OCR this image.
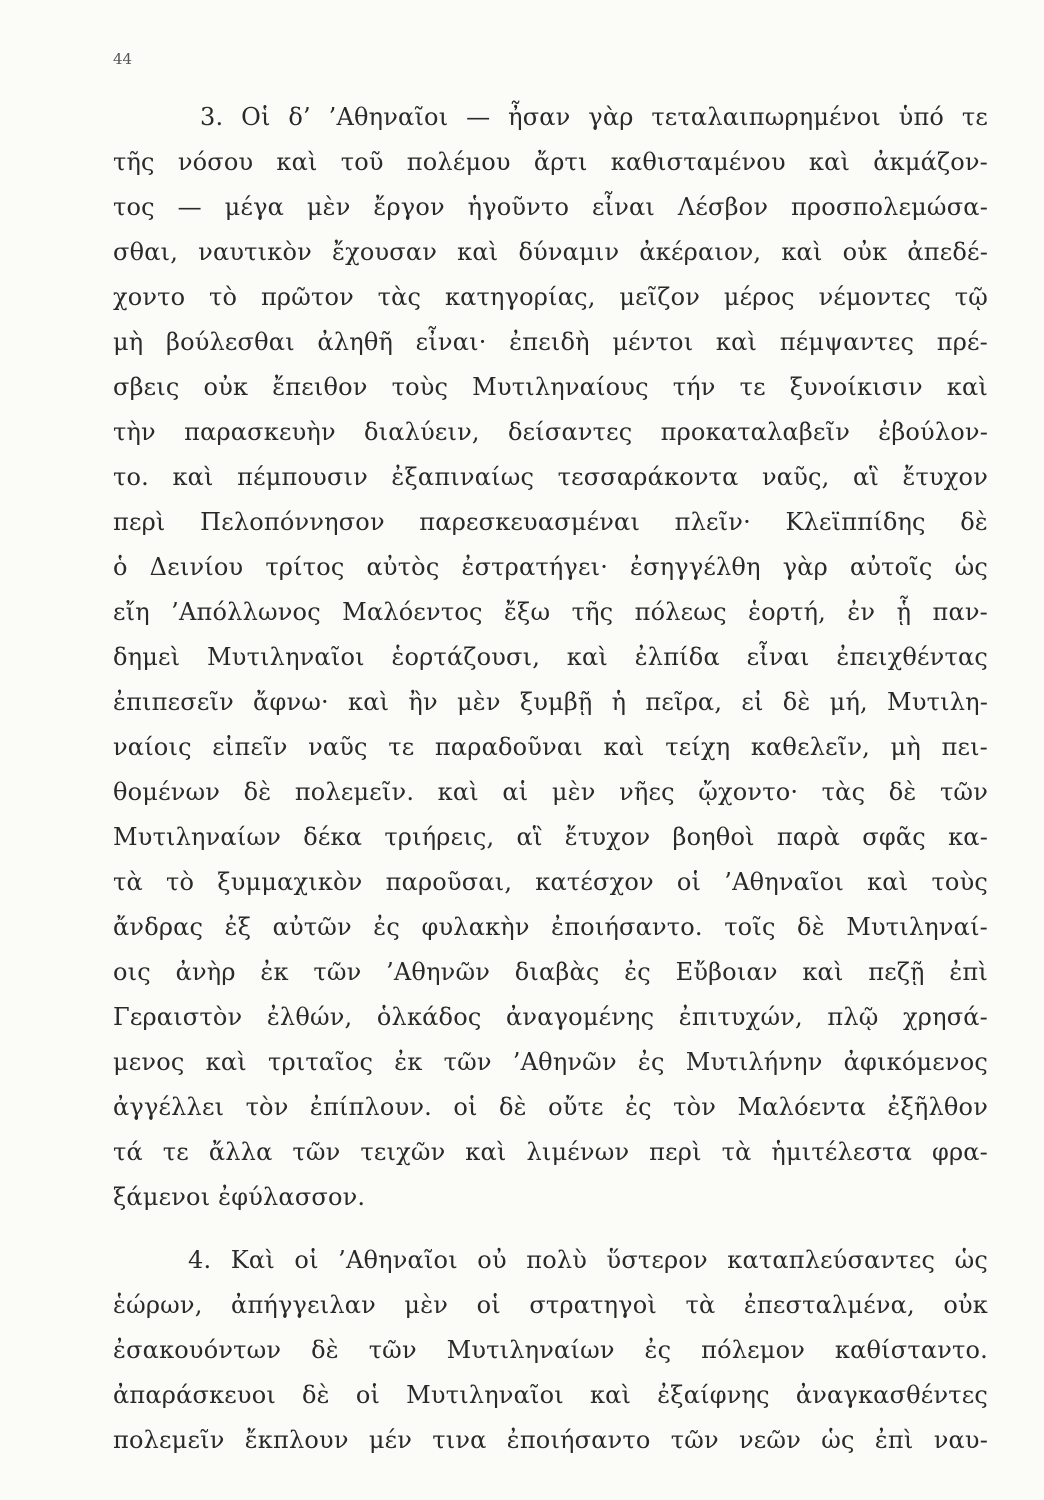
44
3. Οἱ δ’ ’Αθηναῖοι — ἦσαν γὰρ τεταλαιπωρημένοι ὑπό τε
τῆς νόσου καὶ τοῦ πολέμου ἄρτι καθισταμένου καὶ ἀκμάζον-
τος — μέγα μὲν ἔργον ἡγοῦντο εἶναι Λέσβον προσπολεμώσα-
σθαι, ναυτικὸν ἔχουσαν καὶ δύναμιν ἀκέραιον, καὶ οὐκ ἀπεδέ-
χοντο τὸ πρῶτον τὰς κατηγορίας, μεῖζον μέρος νέμοντες τῷ
μὴ βούλεσθαι ἀληθῆ εἶναι· ἐπειδὴ μέντοι καὶ πέμψαντες πρέ-
σβεις οὐκ ἔπειθον τοὺς Μυτιληναίους τήν τε ξυνοίκισιν καὶ
τὴν παρασκευὴν διαλύειν, δείσαντες προκαταλαβεῖν ἐβούλον-
το. καὶ πέμπουσιν ἐξαπιναίως τεσσαράκοντα ναῦς, αἳ ἔτυχον
περὶ Πελοπόννησον παρεσκευασμέναι πλεῖν· Κλεϊππίδης δὲ
ὁ Δεινίου τρίτος αὐτὸς ἐστρατήγει· ἐσηγγέλθη γὰρ αὐτοῖς ὡς
εἴη ’Απόλλωνος Μαλόεντος ἔξω τῆς πόλεως ἑορτή, ἐν ᾗ παν-
δημεὶ Μυτιληναῖοι ἑορτάζουσι, καὶ ἐλπίδα εἶναι ἐπειχθέντας
ἐπιπεσεῖν ἄφνω· καὶ ἢν μὲν ξυμβῇ ἡ πεῖρα, εἰ δὲ μή, Μυτιλη-
ναίοις εἰπεῖν ναῦς τε παραδοῦναι καὶ τείχη καθελεῖν, μὴ πει-
θομένων δὲ πολεμεῖν. καὶ αἱ μὲν νῆες ᾤχοντο· τὰς δὲ τῶν
Μυτιληναίων δέκα τριήρεις, αἳ ἔτυχον βοηθοὶ παρὰ σφᾶς κα-
τὰ τὸ ξυμμαχικὸν παροῦσαι, κατέσχον οἱ ’Αθηναῖοι καὶ τοὺς
ἄνδρας ἐξ αὐτῶν ἐς φυλακὴν ἐποιήσαντο. τοῖς δὲ Μυτιληναί-
οις ἀνὴρ ἐκ τῶν ’Αθηνῶν διαβὰς ἐς Εὔβοιαν καὶ πεζῇ ἐπὶ
Γεραιστὸν ἐλθών, ὁλκάδος ἀναγομένης ἐπιτυχών, πλῷ χρησά-
μενος καὶ τριταῖος ἐκ τῶν ’Αθηνῶν ἐς Μυτιλήνην ἀφικόμενος
ἀγγέλλει τὸν ἐπίπλουν. οἱ δὲ οὔτε ἐς τὸν Μαλόεντα ἐξῆλθον
τά τε ἄλλα τῶν τειχῶν καὶ λιμένων περὶ τὰ ἡμιτέλεστα φρα-
ξάμενοι ἐφύλασσον.
4. Καὶ οἱ ’Αθηναῖοι οὐ πολὺ ὕστερον καταπλεύσαντες ὡς
ἑώρων, ἀπήγγειλαν μὲν οἱ στρατηγοὶ τὰ ἐπεσταλμένα, οὐκ
ἐσακουόντων δὲ τῶν Μυτιληναίων ἐς πόλεμον καθίσταντο.
ἀπαράσκευοι δὲ οἱ Μυτιληναῖοι καὶ ἐξαίφνης ἀναγκασθέντες
πολεμεῖν ἔκπλουν μέν τινα ἐποιήσαντο τῶν νεῶν ὡς ἐπὶ ναυ-
